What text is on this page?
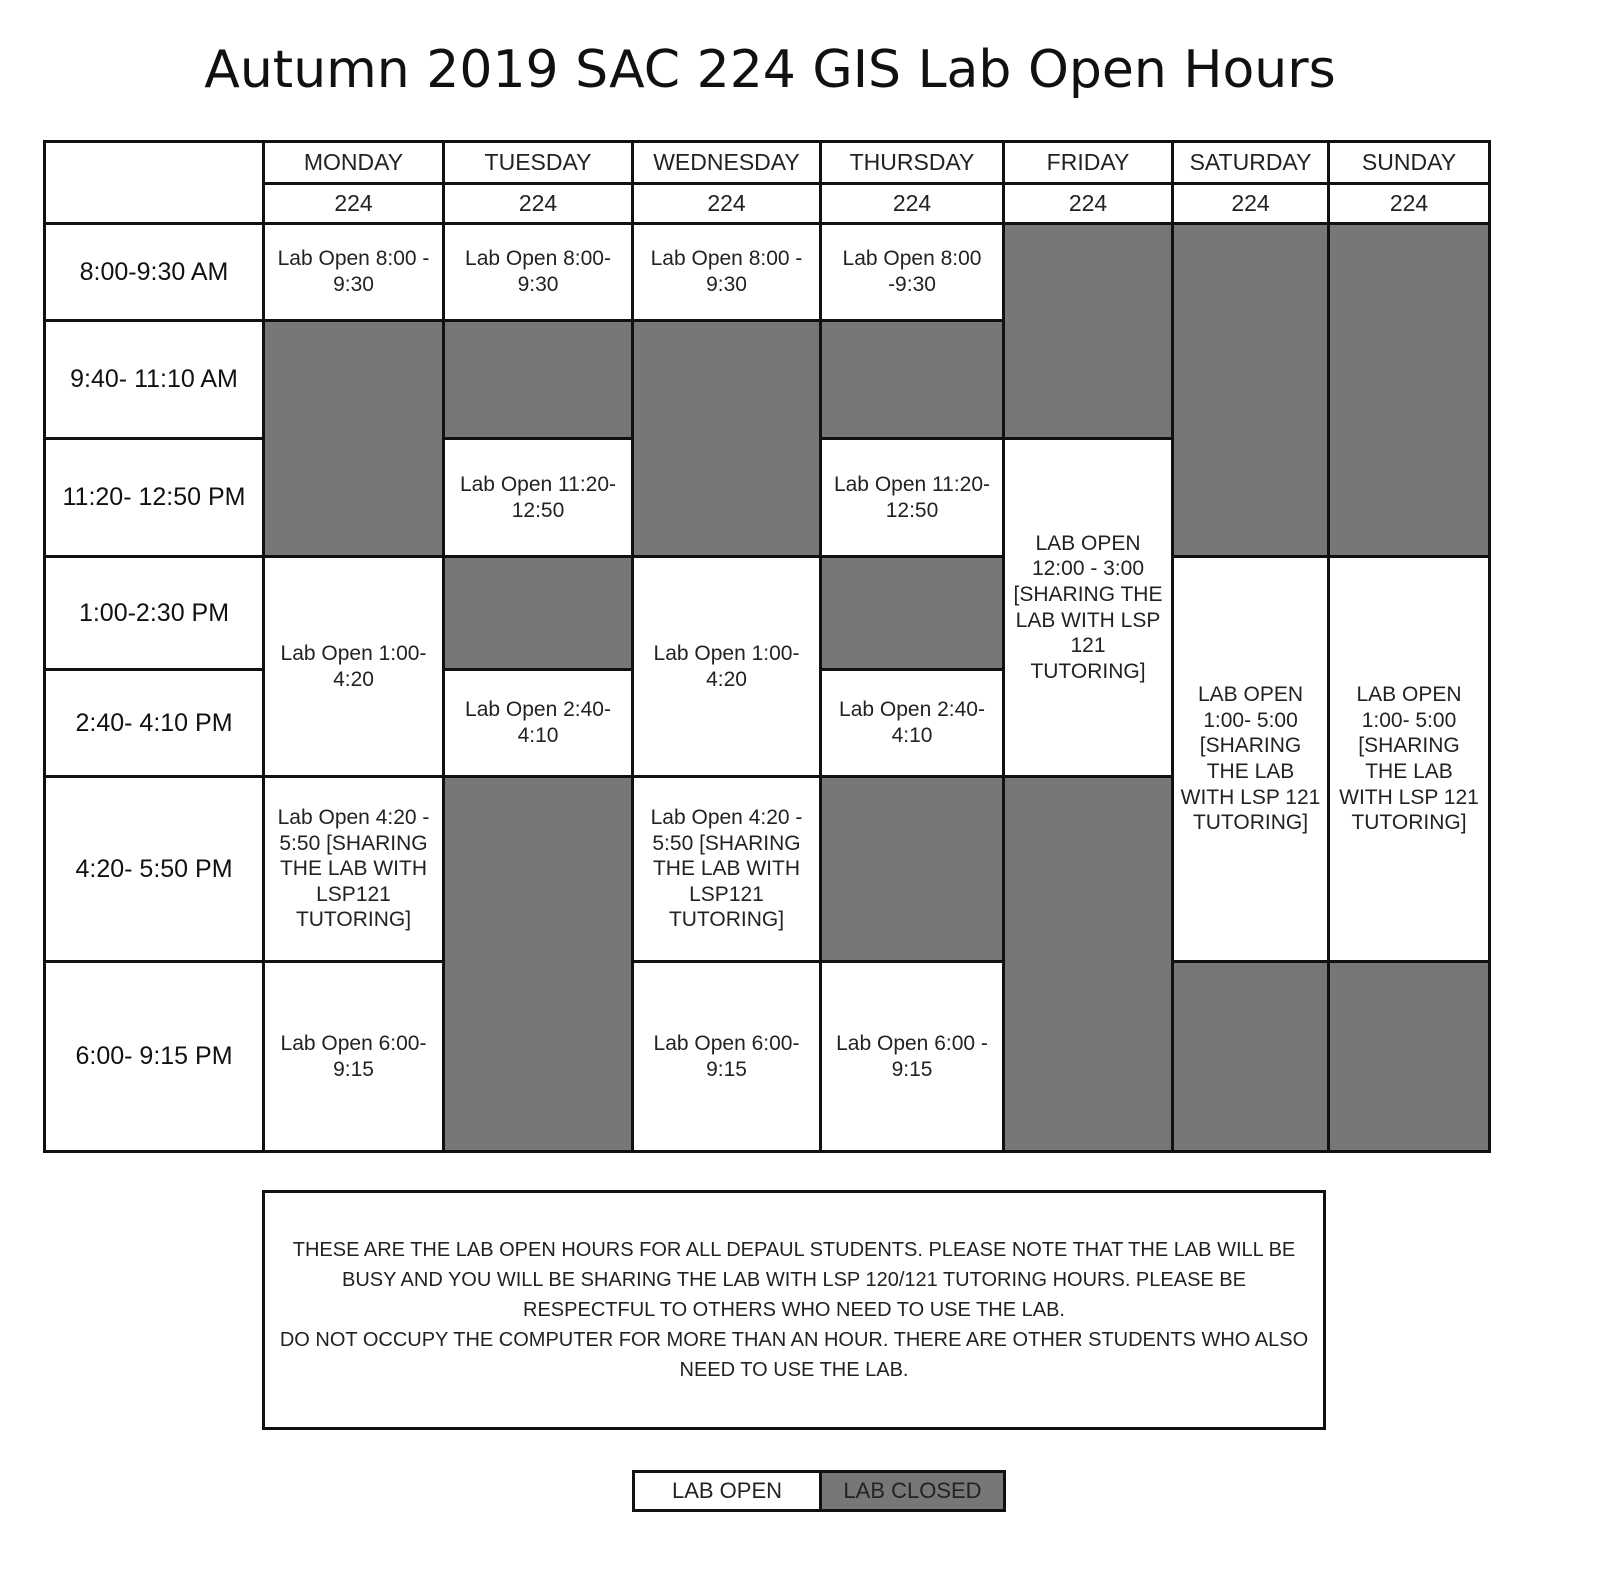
Autumn 2019 SAC 224 GIS Lab Open Hours
MONDAY
224
TUESDAY
224
WEDNESDAY
224
THURSDAY
224
FRIDAY
224
SATURDAY
224
SUNDAY
224
8:00-9:30 AM
9:40- 11:10 AM
11:20- 12:50 PM
1:00-2:30 PM
2:40- 4:10 PM
4:20- 5:50 PM
6:00- 9:15 PM
Lab Open 8:00 - 9:30
Lab Open 1:00-4:20
Lab Open 4:20 - 5:50 [SHARING THE LAB WITH LSP121 TUTORING]
Lab Open 6:00-9:15
Lab Open 8:00-9:30
Lab Open 11:20-12:50
Lab Open 2:40-4:10
Lab Open 8:00 - 9:30
Lab Open 1:00-4:20
Lab Open 4:20 - 5:50 [SHARING THE LAB WITH LSP121 TUTORING]
Lab Open 6:00-9:15
Lab Open 8:00 -9:30
Lab Open 11:20- 12:50
Lab Open 2:40-4:10
Lab Open 6:00 - 9:15
LAB OPEN 12:00 - 3:00 [SHARING THE LAB WITH LSP 121 TUTORING]
LAB OPEN 1:00- 5:00 [SHARING THE LAB WITH LSP 121 TUTORING]
LAB OPEN 1:00- 5:00 [SHARING THE LAB WITH LSP 121 TUTORING]
THESE ARE THE LAB OPEN HOURS FOR ALL DEPAUL STUDENTS. PLEASE NOTE THAT THE LAB WILL BE BUSY AND YOU WILL BE SHARING THE LAB WITH LSP 120/121 TUTORING HOURS. PLEASE BE RESPECTFUL TO OTHERS WHO NEED TO USE THE LAB.
DO NOT OCCUPY THE COMPUTER FOR MORE THAN AN HOUR. THERE ARE OTHER STUDENTS WHO ALSO NEED TO USE THE LAB.
LAB OPEN	LAB CLOSED
